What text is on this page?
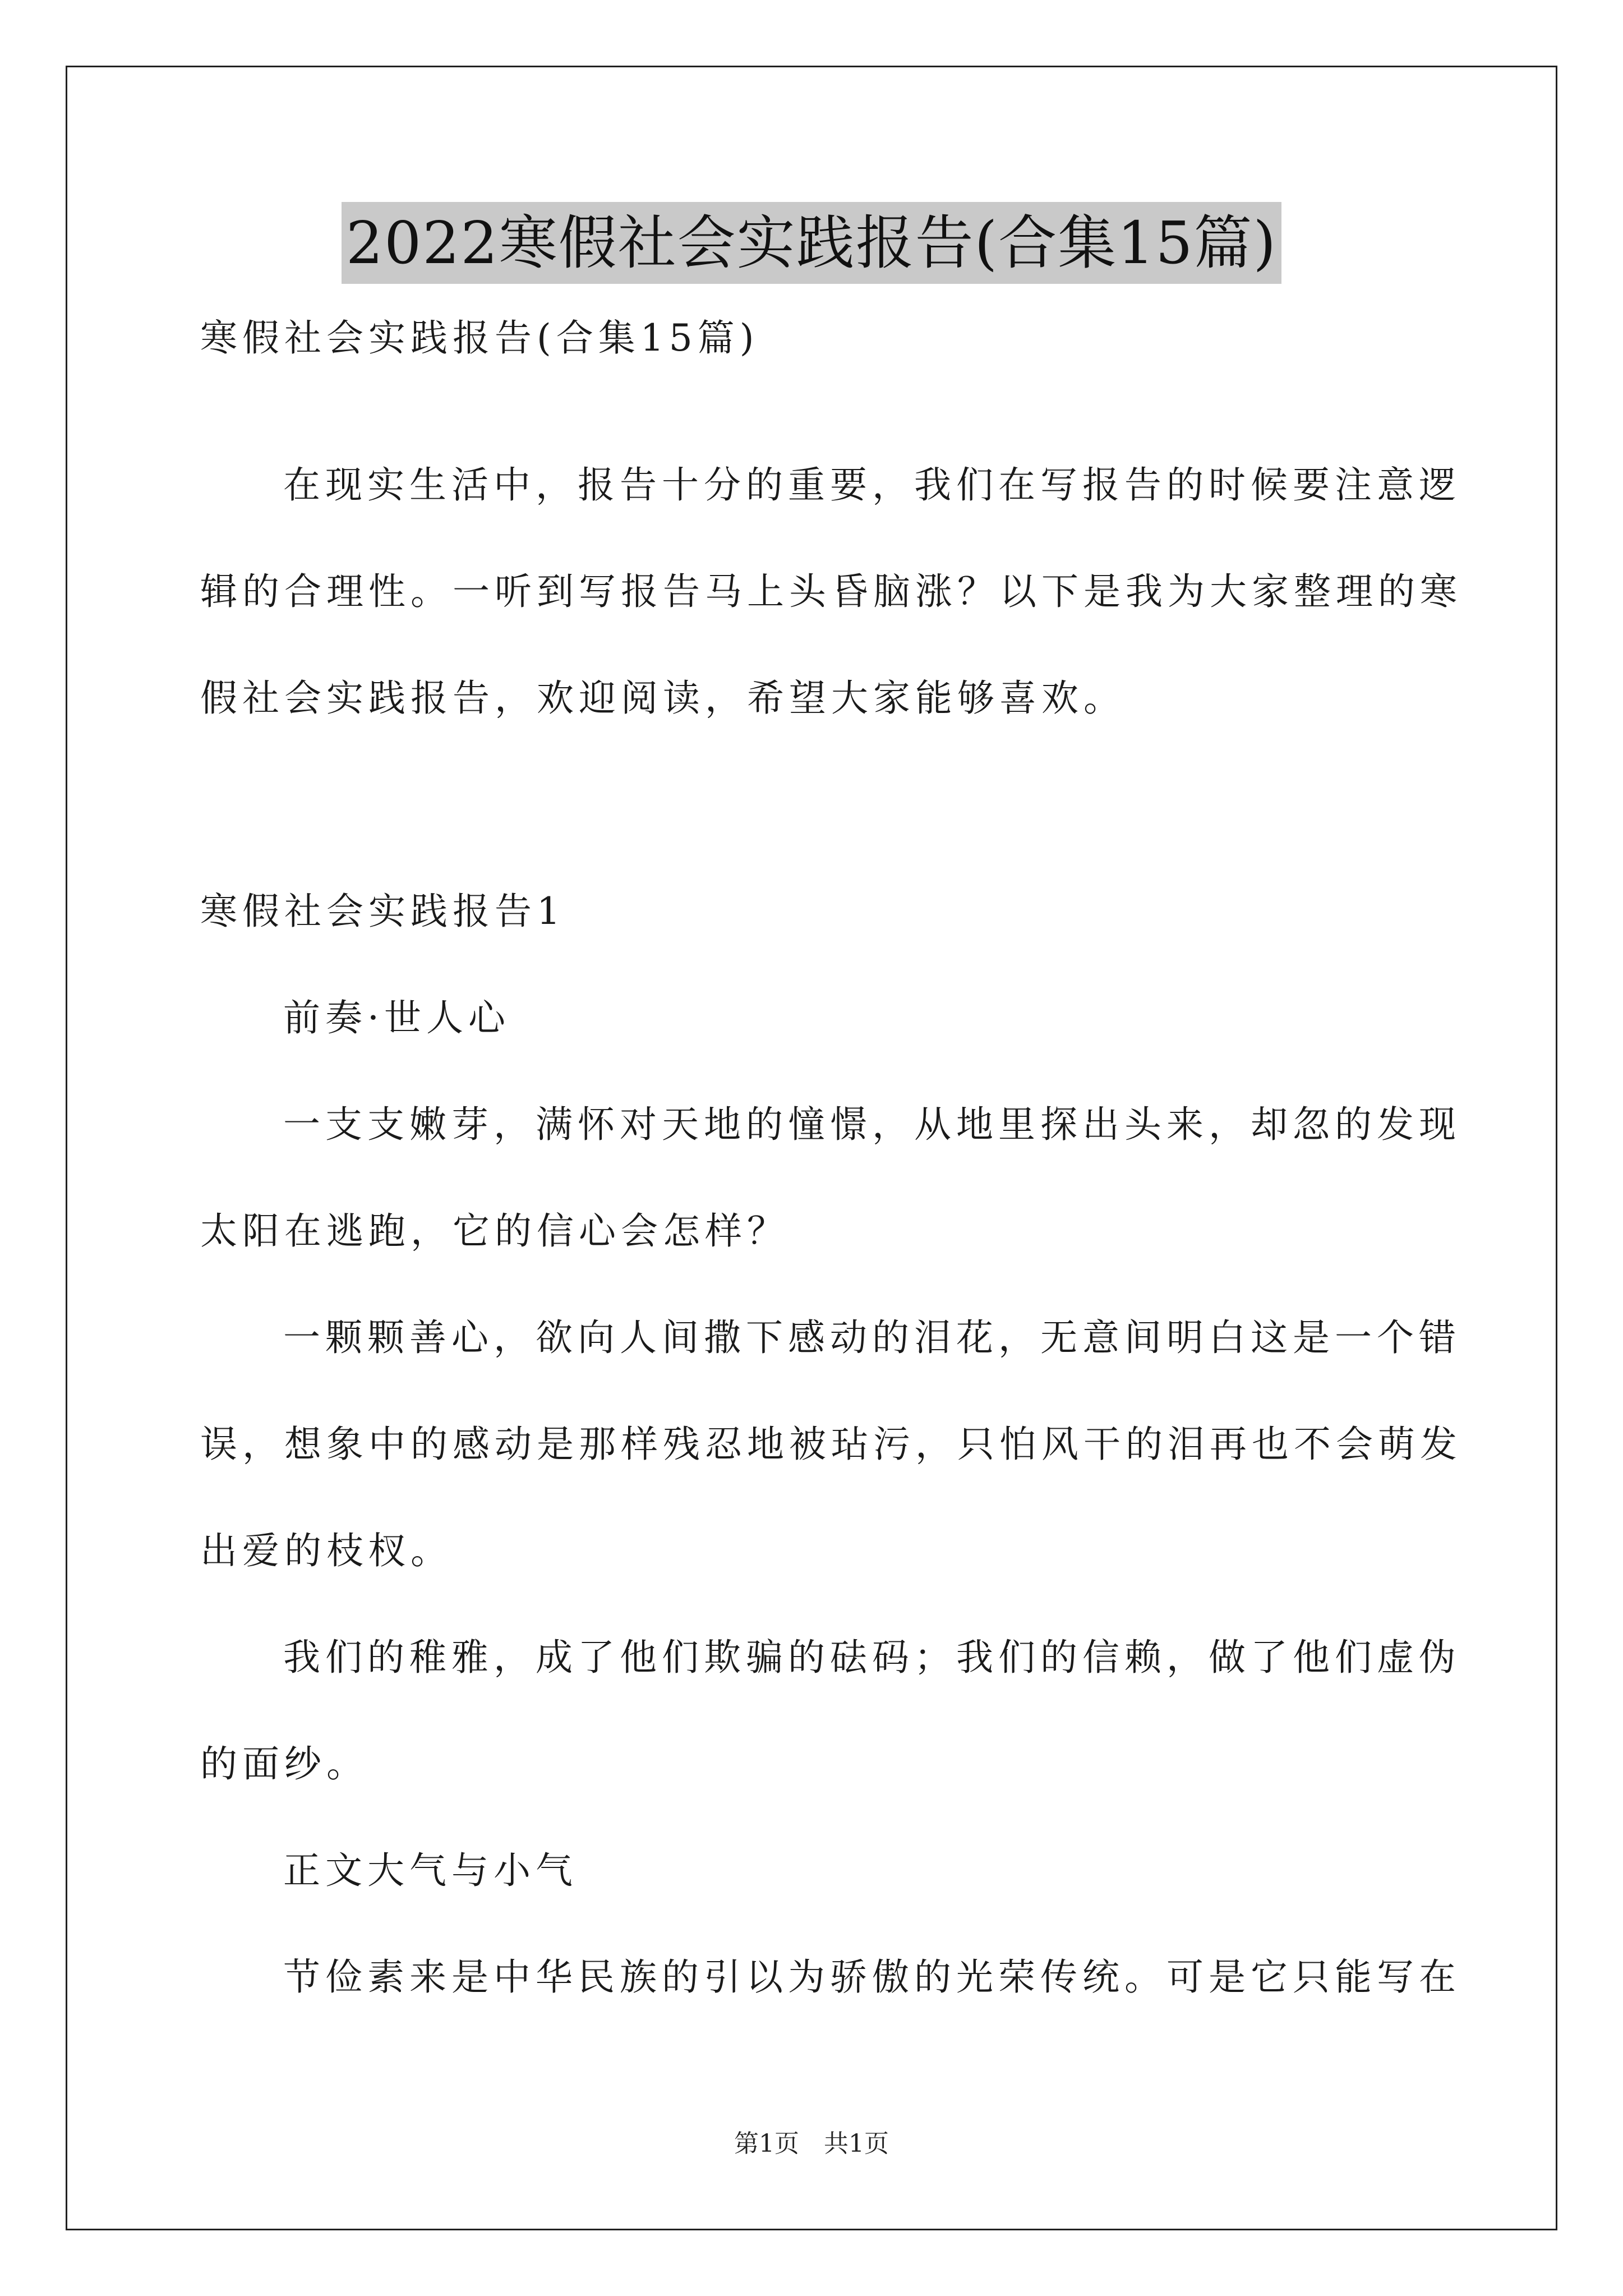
2022寒假社会实践报告(合集15篇)
寒假社会实践报告(合集15篇)
在现实生活中，报告十分的重要，我们在写报告的时候要注意逻
辑的合理性。一听到写报告马上头昏脑涨？以下是我为大家整理的寒
假社会实践报告，欢迎阅读，希望大家能够喜欢。
寒假社会实践报告1
前奏·世人心
一支支嫩芽，满怀对天地的憧憬，从地里探出头来，却忽的发现
太阳在逃跑，它的信心会怎样？
一颗颗善心，欲向人间撒下感动的泪花，无意间明白这是一个错
误，想象中的感动是那样残忍地被玷污，只怕风干的泪再也不会萌发
出爱的枝杈。
我们的稚雅，成了他们欺骗的砝码；我们的信赖，做了他们虚伪
的面纱。
正文大气与小气
节俭素来是中华民族的引以为骄傲的光荣传统。可是它只能写在
第1页　共1页
